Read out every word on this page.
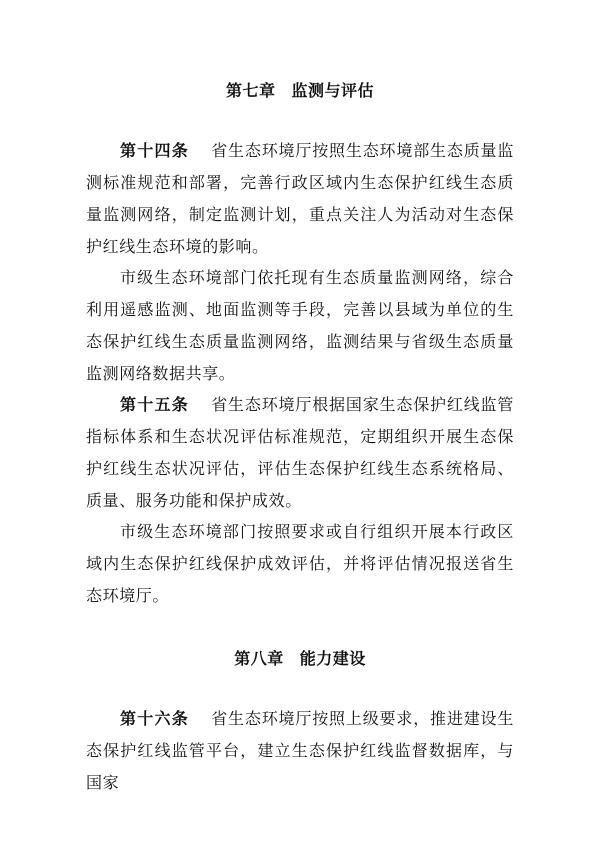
第七章 监测与评估

第十四条 省生态环境厅按照生态环境部生态质量监测标准规范和部署，完善行政区域内生态保护红线生态质量监测网络，制定监测计划，重点关注人为活动对生态保护红线生态环境的影响。

市级生态环境部门依托现有生态质量监测网络，综合利用遥感监测、地面监测等手段，完善以县域为单位的生态保护红线生态质量监测网络，监测结果与省级生态质量监测网络数据共享。

第十五条 省生态环境厅根据国家生态保护红线监管指标体系和生态状况评估标准规范，定期组织开展生态保护红线生态状况评估，评估生态保护红线生态系统格局、质量、服务功能和保护成效。

市级生态环境部门按照要求或自行组织开展本行政区域内生态保护红线保护成效评估，并将评估情况报送省生态环境厅。

第八章 能力建设

第十六条 省生态环境厅按照上级要求，推进建设生态保护红线监管平台，建立生态保护红线监督数据库，与国家
